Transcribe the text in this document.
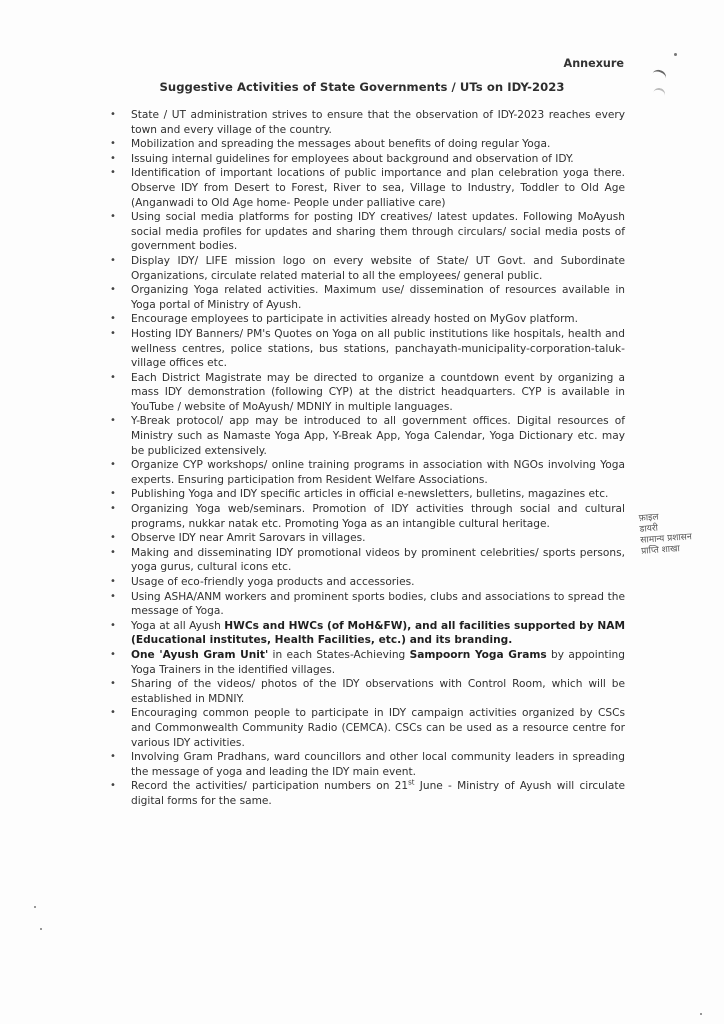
Annexure
Suggestive Activities of State Governments / UTs on IDY-2023
• State / UT administration strives to ensure that the observation of IDY-2023 reaches every town and every village of the country.
• Mobilization and spreading the messages about benefits of doing regular Yoga.
• Issuing internal guidelines for employees about background and observation of IDY.
• Identification of important locations of public importance and plan celebration yoga there. Observe IDY from Desert to Forest, River to sea, Village to Industry, Toddler to Old Age (Anganwadi to Old Age home- People under palliative care)
• Using social media platforms for posting IDY creatives/ latest updates. Following MoAyush social media profiles for updates and sharing them through circulars/ social media posts of government bodies.
• Display IDY/ LIFE mission logo on every website of State/ UT Govt. and Subordinate Organizations, circulate related material to all the employees/ general public.
• Organizing Yoga related activities. Maximum use/ dissemination of resources available in Yoga portal of Ministry of Ayush.
• Encourage employees to participate in activities already hosted on MyGov platform.
• Hosting IDY Banners/ PM's Quotes on Yoga on all public institutions like hospitals, health and wellness centres, police stations, bus stations, panchayath-municipality-corporation-taluk-village offices etc.
• Each District Magistrate may be directed to organize a countdown event by organizing a mass IDY demonstration (following CYP) at the district headquarters. CYP is available in YouTube / website of MoAyush/ MDNIY in multiple languages.
• Y-Break protocol/ app may be introduced to all government offices. Digital resources of Ministry such as Namaste Yoga App, Y-Break App, Yoga Calendar, Yoga Dictionary etc. may be publicized extensively.
• Organize CYP workshops/ online training programs in association with NGOs involving Yoga experts. Ensuring participation from Resident Welfare Associations.
• Publishing Yoga and IDY specific articles in official e-newsletters, bulletins, magazines etc.
• Organizing Yoga web/seminars. Promotion of IDY activities through social and cultural programs, nukkar natak etc. Promoting Yoga as an intangible cultural heritage.
• Observe IDY near Amrit Sarovars in villages.
• Making and disseminating IDY promotional videos by prominent celebrities/ sports persons, yoga gurus, cultural icons etc.
• Usage of eco-friendly yoga products and accessories.
• Using ASHA/ANM workers and prominent sports bodies, clubs and associations to spread the message of Yoga.
• Yoga at all Ayush HWCs and HWCs (of MoH&FW), and all facilities supported by NAM (Educational institutes, Health Facilities, etc.) and its branding.
• One 'Ayush Gram Unit' in each States-Achieving Sampoorn Yoga Grams by appointing Yoga Trainers in the identified villages.
• Sharing of the videos/ photos of the IDY observations with Control Room, which will be established in MDNIY.
• Encouraging common people to participate in IDY campaign activities organized by CSCs and Commonwealth Community Radio (CEMCA). CSCs can be used as a resource centre for various IDY activities.
• Involving Gram Pradhans, ward councillors and other local community leaders in spreading the message of yoga and leading the IDY main event.
• Record the activities/ participation numbers on 21st June - Ministry of Ayush will circulate digital forms for the same.
फ़ाइल
डायरी
सामान्य प्रशासन
प्राप्ति शाखा
